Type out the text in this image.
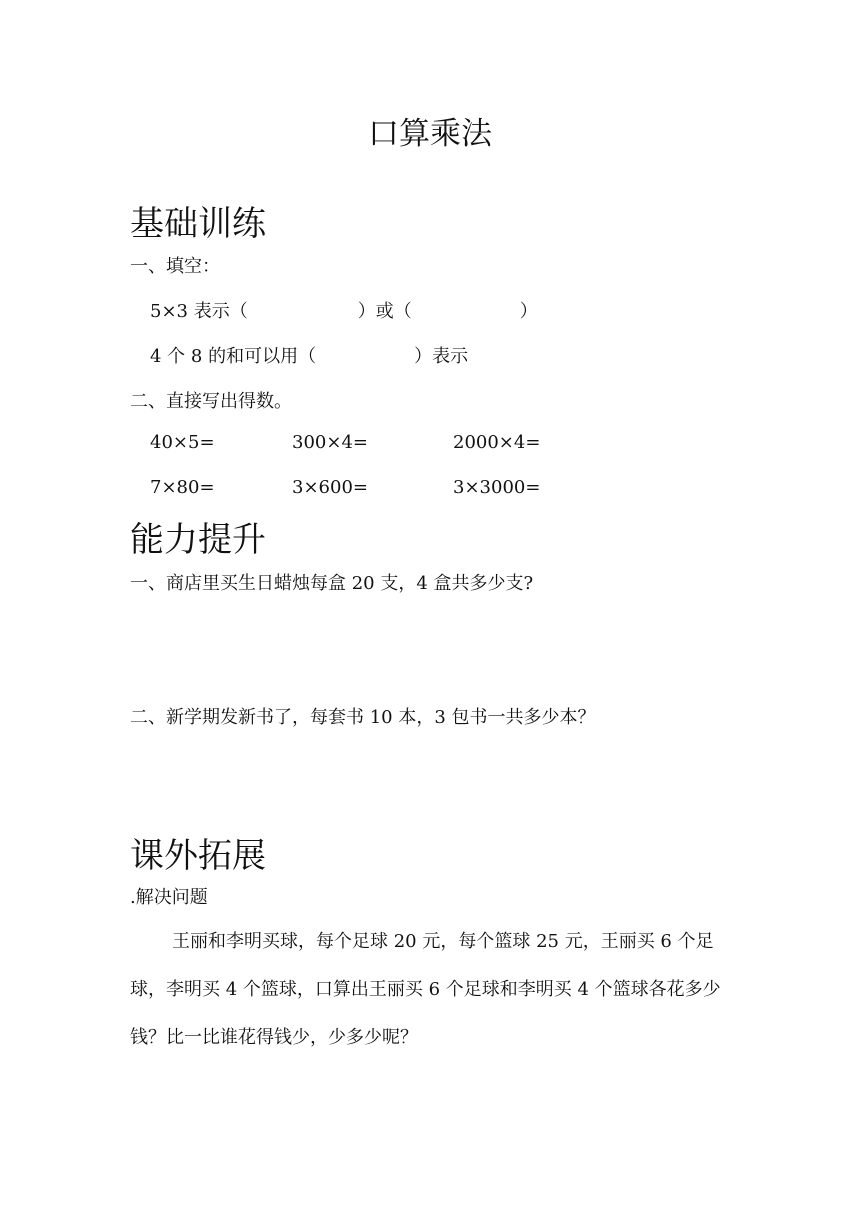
口算乘法
基础训练
一、填空：
5×3 表示（	）或（	）
4 个 8 的和可以用（	）表示
二、直接写出得数。
40×5=	300×4=	2000×4=
7×80=	3×600=	3×3000=
能力提升
一、商店里买生日蜡烛每盒 20 支，4 盒共多少支?
二、新学期发新书了，每套书 10 本，3 包书一共多少本？
课外拓展
.解决问题
王丽和李明买球，每个足球 20 元，每个篮球 25 元，王丽买 6 个足球，李明买 4 个篮球，口算出王丽买 6 个足球和李明买 4 个篮球各花多少钱？比一比谁花得钱少，少多少呢？
